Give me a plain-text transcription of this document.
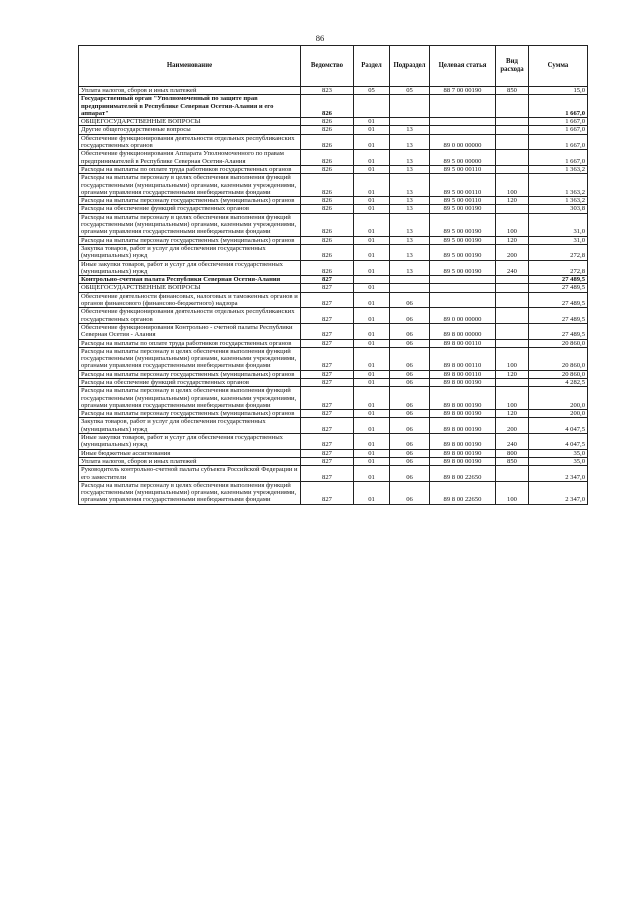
86
Наименование	Ведомство	Раздел	Подраздел	Целевая статья	Вид расхода	Сумма
Уплата налогов, сборов и иных платежей	823	05	05	88 7 00 00190	850	15,0
Государственный орган "Уполномоченный по защите прав предпринимателей в Республике Северная Осетия-Алания и его аппарат"	826					1 667,0
ОБЩЕГОСУДАРСТВЕННЫЕ ВОПРОСЫ	826	01				1 667,0
Другие общегосударственные вопросы	826	01	13			1 667,0
Обеспечение функционирования деятельности отдельных республиканских государственных органов	826	01	13	89 0 00 00000		1 667,0
Обеспечение функционирования Аппарата Уполномоченного по правам предпринимателей в Республике Северная Осетия-Алания	826	01	13	89 5 00 00000		1 667,0
Расходы на выплаты по оплате труда работников государственных органов	826	01	13	89 5 00 00110		1 363,2
Расходы на выплаты персоналу в целях обеспечения выполнения функций государственными (муниципальными) органами, казенными учреждениями, органами управления государственными внебюджетными фондами	826	01	13	89 5 00 00110	100	1 363,2
Расходы на выплаты персоналу государственных (муниципальных) органов	826	01	13	89 5 00 00110	120	1 363,2
Расходы на обеспечение функций государственных органов	826	01	13	89 5 00 00190		303,8
Расходы на выплаты персоналу в целях обеспечения выполнения функций государственными (муниципальными) органами, казенными учреждениями, органами управления государственными внебюджетными фондами	826	01	13	89 5 00 00190	100	31,0
Расходы на выплаты персоналу государственных (муниципальных) органов	826	01	13	89 5 00 00190	120	31,0
Закупка товаров, работ и услуг для обеспечения государственных (муниципальных) нужд	826	01	13	89 5 00 00190	200	272,8
Иные закупки товаров, работ и услуг для обеспечения государственных (муниципальных) нужд	826	01	13	89 5 00 00190	240	272,8
Контрольно-счетная палата Республики Северная Осетия-Алания	827					27 489,5
ОБЩЕГОСУДАРСТВЕННЫЕ ВОПРОСЫ	827	01				27 489,5
Обеспечение деятельности финансовых, налоговых и таможенных органов и органов финансового (финансово-бюджетного) надзора	827	01	06			27 489,5
Обеспечение функционирования деятельности отдельных республиканских государственных органов	827	01	06	89 0 00 00000		27 489,5
Обеспечение функционирования Контрольно - счетной палаты Республики Северная Осетия - Алания	827	01	06	89 8 00 00000		27 489,5
Расходы на выплаты по оплате труда работников государственных органов	827	01	06	89 8 00 00110		20 860,0
Расходы на выплаты персоналу в целях обеспечения выполнения функций государственными (муниципальными) органами, казенными учреждениями, органами управления государственными внебюджетными фондами	827	01	06	89 8 00 00110	100	20 860,0
Расходы на выплаты персоналу государственных (муниципальных) органов	827	01	06	89 8 00 00110	120	20 860,0
Расходы на обеспечение функций государственных органов	827	01	06	89 8 00 00190		4 282,5
Расходы на выплаты персоналу в целях обеспечения выполнения функций государственными (муниципальными) органами, казенными учреждениями, органами управления государственными внебюджетными фондами	827	01	06	89 8 00 00190	100	200,0
Расходы на выплаты персоналу государственных (муниципальных) органов	827	01	06	89 8 00 00190	120	200,0
Закупка товаров, работ и услуг для обеспечения государственных (муниципальных) нужд	827	01	06	89 8 00 00190	200	4 047,5
Иные закупки товаров, работ и услуг для обеспечения государственных (муниципальных) нужд	827	01	06	89 8 00 00190	240	4 047,5
Иные бюджетные ассигнования	827	01	06	89 8 00 00190	800	35,0
Уплата налогов, сборов и иных платежей	827	01	06	89 8 00 00190	850	35,0
Руководитель контрольно-счетной палаты субъекта Российской Федерации и его заместители	827	01	06	89 8 00 22650		2 347,0
Расходы на выплаты персоналу в целях обеспечения выполнения функций государственными (муниципальными) органами, казенными учреждениями, органами управления государственными внебюджетными фондами	827	01	06	89 8 00 22650	100	2 347,0
